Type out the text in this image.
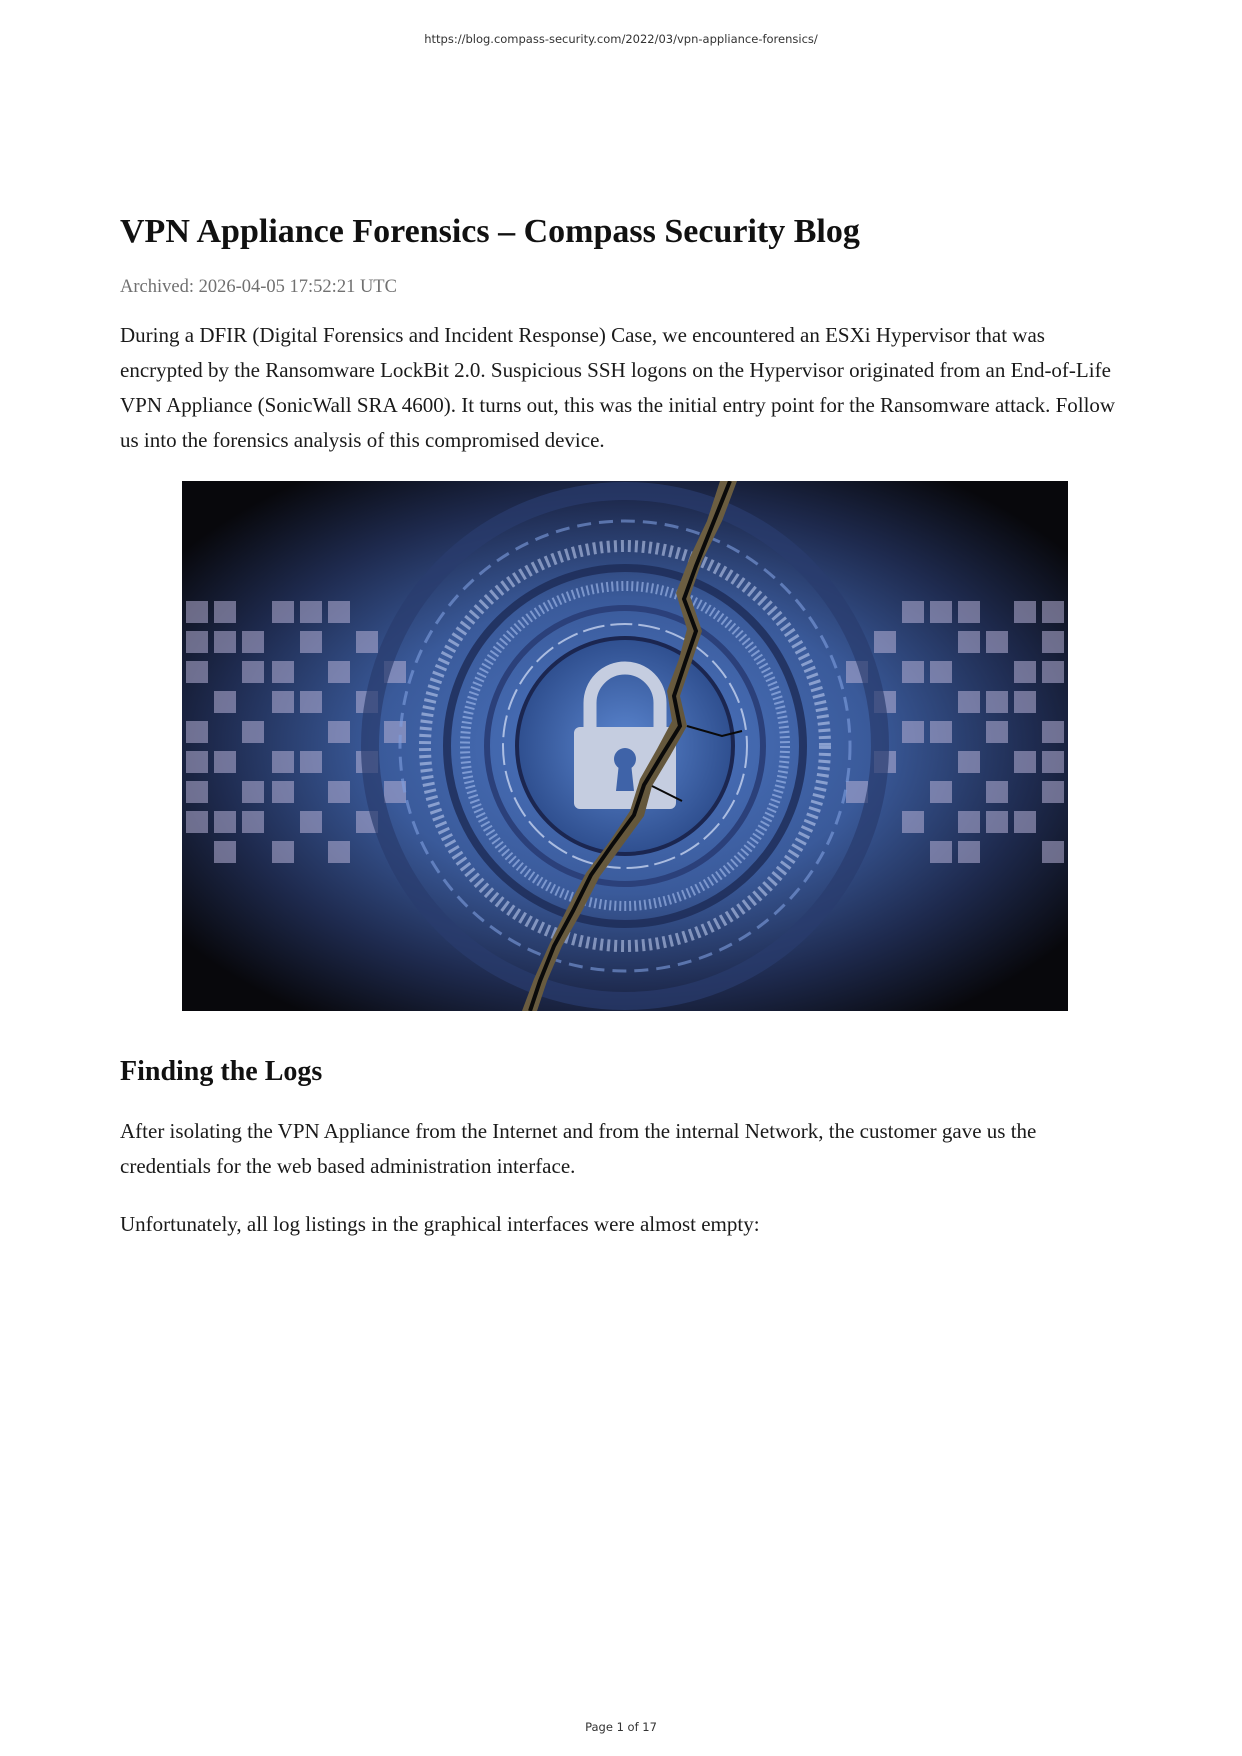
https://blog.compass-security.com/2022/03/vpn-appliance-forensics/
VPN Appliance Forensics – Compass Security Blog
Archived: 2026-04-05 17:52:21 UTC

During a DFIR (Digital Forensics and Incident Response) Case, we encountered an ESXi Hypervisor that was encrypted by the Ransomware LockBit 2.0. Suspicious SSH logons on the Hypervisor originated from an End-of-Life VPN Appliance (SonicWall SRA 4600). It turns out, this was the initial entry point for the Ransomware attack. Follow us into the forensics analysis of this compromised device.

Finding the Logs

After isolating the VPN Appliance from the Internet and from the internal Network, the customer gave us the credentials for the web based administration interface.

Unfortunately, all log listings in the graphical interfaces were almost empty:

Page 1 of 17
